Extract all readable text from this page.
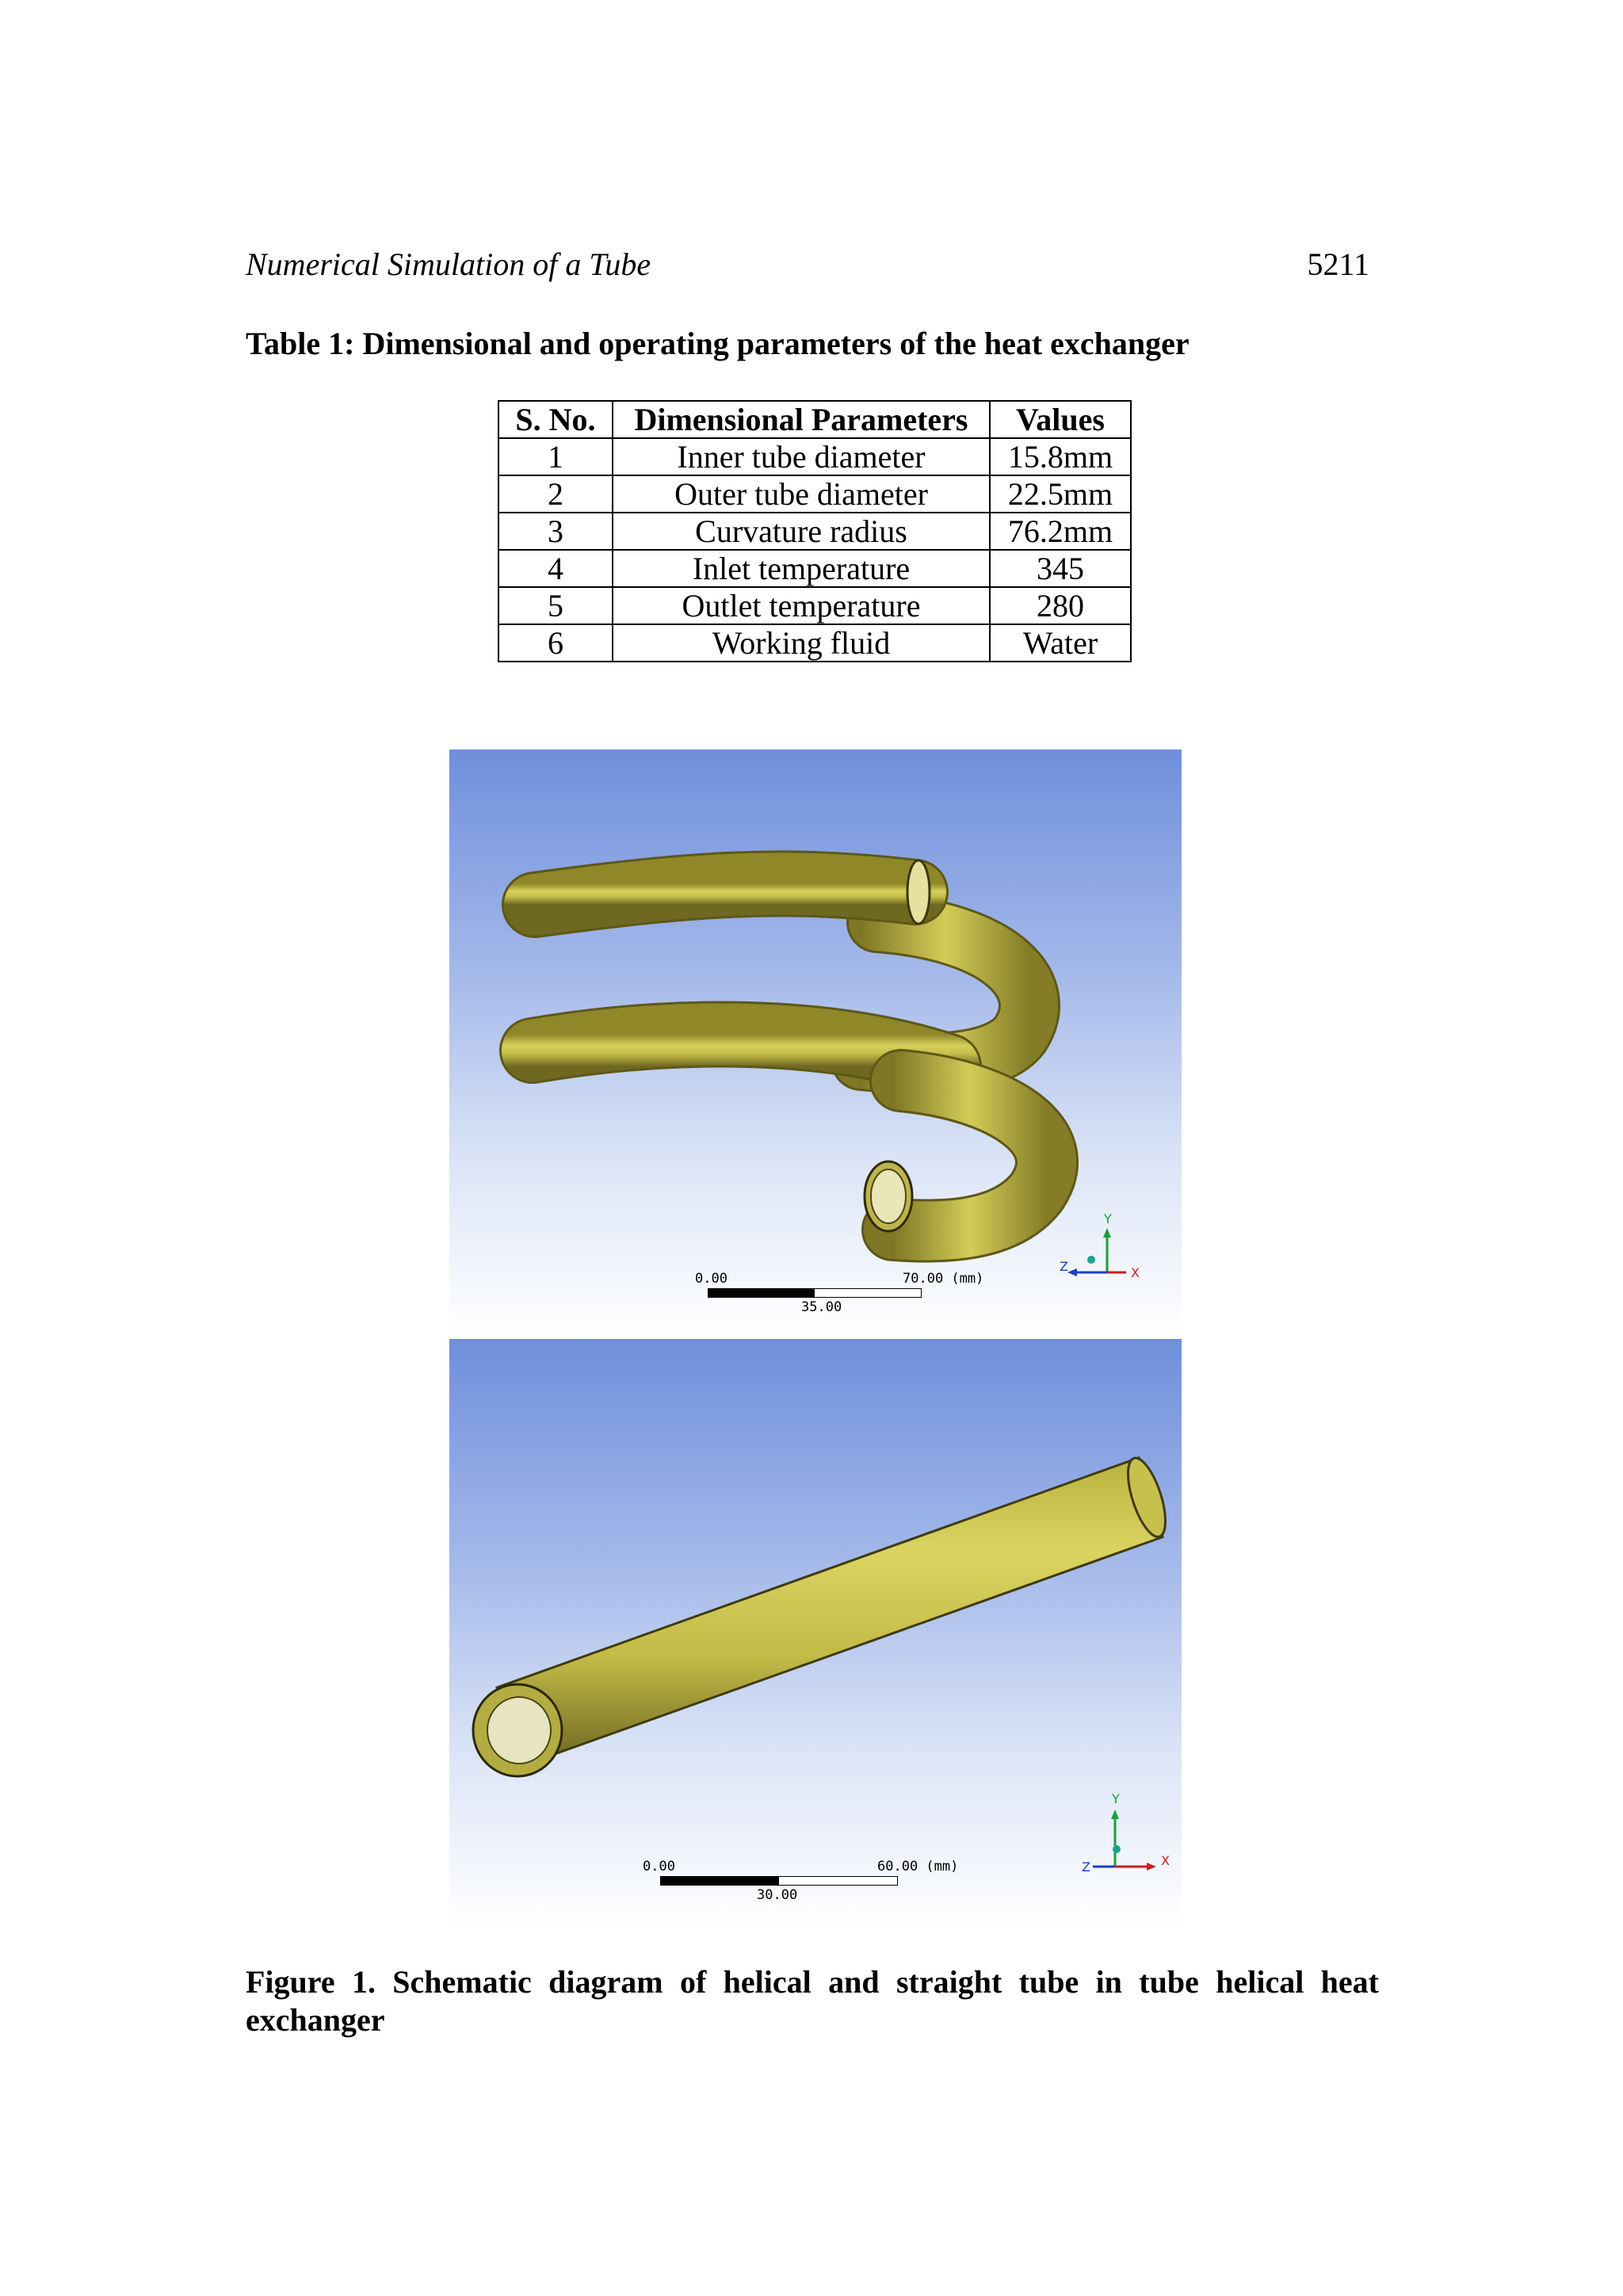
Numerical Simulation of a Tube	5211
Table 1: Dimensional and operating parameters of the heat exchanger
S. No.	Dimensional Parameters	Values
1	Inner tube diameter	15.8mm
2	Outer tube diameter	22.5mm
3	Curvature radius	76.2mm
4	Inlet temperature	345
5	Outlet temperature	280
6	Working fluid	Water
0.00	70.00 (mm)
35.00
Y
Z	X
0.00	60.00 (mm)
30.00
Y
Z	X
Figure 1. Schematic diagram of helical and straight tube in tube helical heat exchanger
